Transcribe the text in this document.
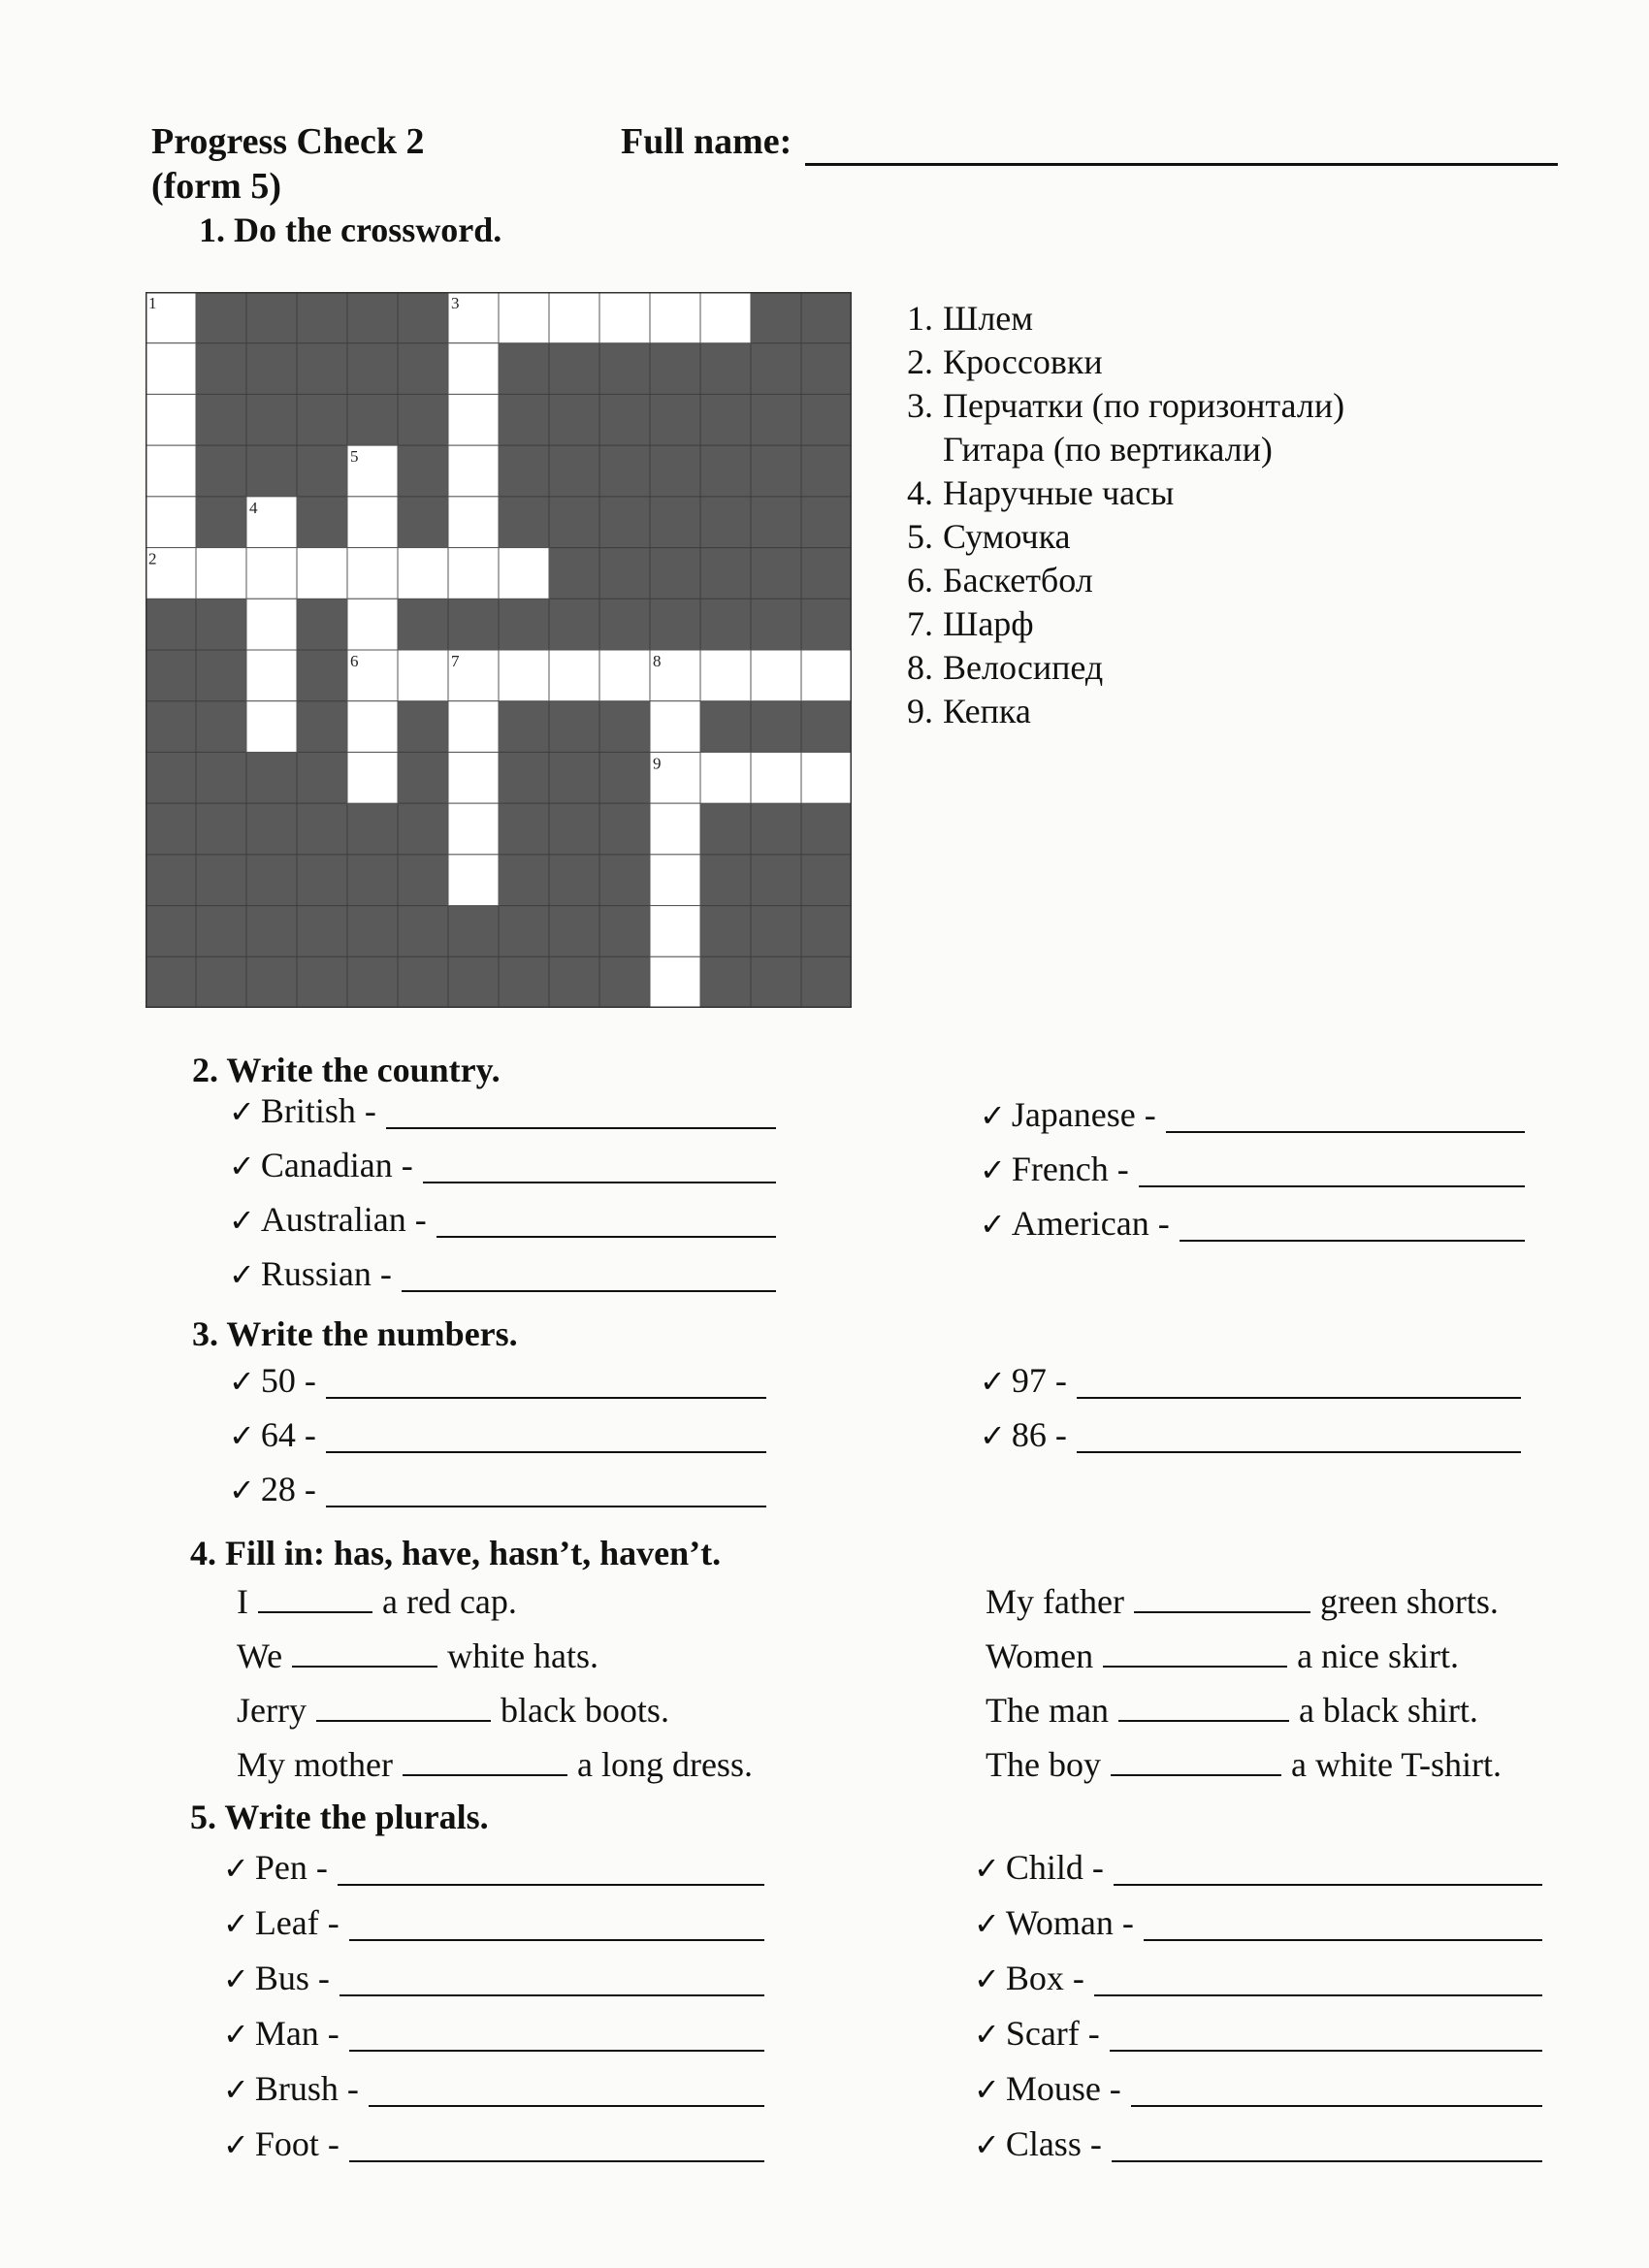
Progress Check 2
(form 5)
Full name:
1. Do the crossword.
1	3
5
4
2
6	7	8
9
1. Шлем
2. Кроссовки
3. Перчатки (по горизонтали)
Гитара (по вертикали)
4. Наручные часы
5. Сумочка
6. Баскетбол
7. Шарф
8. Велосипед
9. Кепка
2. Write the country.
✓ British -
✓ Canadian -
✓ Australian -
✓ Russian -
✓ Japanese -
✓ French -
✓ American -
3. Write the numbers.
✓ 50 -
✓ 64 -
✓ 28 -
✓ 97 -
✓ 86 -
4. Fill in: has, have, hasn’t, haven’t.
I	a red cap.
We	white hats.
Jerry	black boots.
My mother	a long dress.
My father	green shorts.
Women	a nice skirt.
The man	a black shirt.
The boy	a white T-shirt.
5. Write the plurals.
✓ Pen -
✓ Leaf -
✓ Bus -
✓ Man -
✓ Brush -
✓ Foot -
✓ Child -
✓ Woman -
✓ Box -
✓ Scarf -
✓ Mouse -
✓ Class -
